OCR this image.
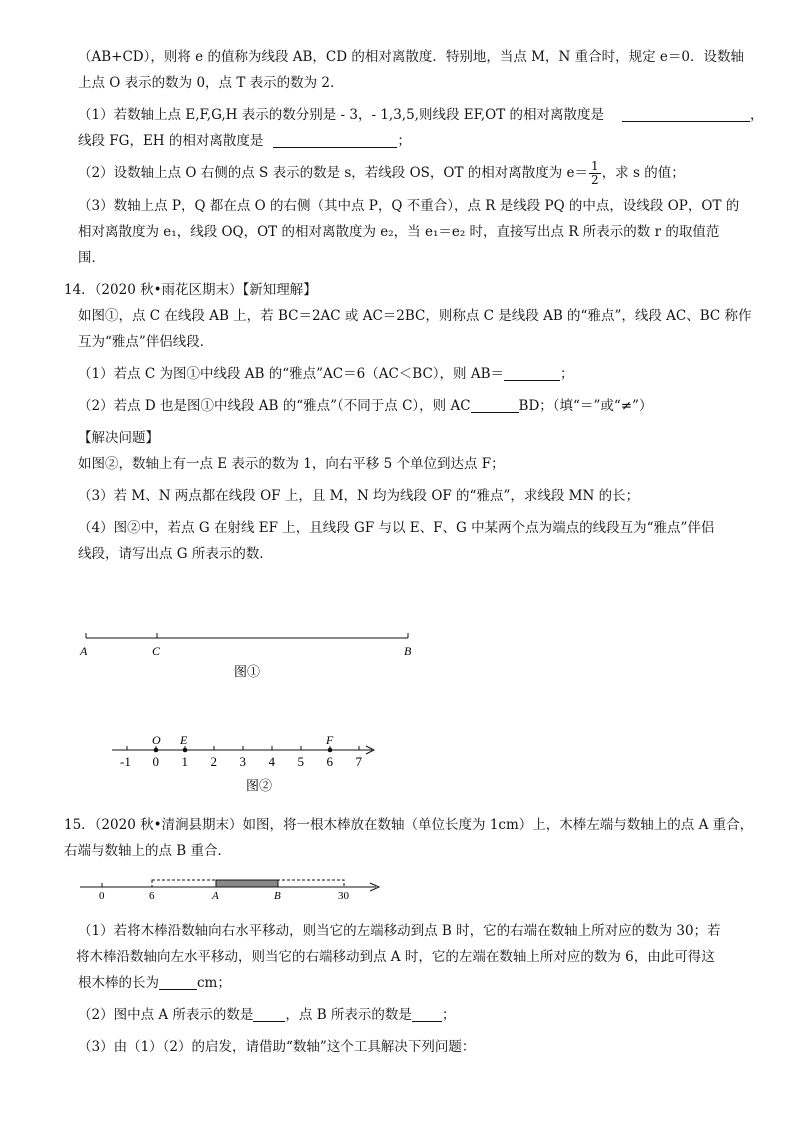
（AB+CD），则将 e 的值称为线段 AB，CD 的相对离散度．特别地，当点 M，N 重合时，规定 e＝0．设数轴

上点 O 表示的数为 0，点 T 表示的数为 2．

（1）若数轴上点 E,F,G,H 表示的数分别是 - 3，- 1,3,5,则线段 EF,OT 的相对离散度是	，

线段 FG，EH 的相对离散度是	；

（2）设数轴上点 O 右侧的点 S 表示的数是 s，若线段 OS，OT 的相对离散度为 $e= \frac{1}{2}$ ，求 s 的值；

（3）数轴上点 P，Q 都在点 O 的右侧（其中点 P，Q 不重合），点 R 是线段 PQ 的中点，设线段 OP，OT 的

相对离散度为 e₁，线段 OQ，OT 的相对离散度为 e₂，当 e₁＝e₂ 时，直接写出点 R 所表示的数 r 的取值范

围．

14．（2020 秋•雨花区期末）【新知理解】

如图①，点 C 在线段 AB 上，若 BC＝2AC 或 AC＝2BC，则称点 C 是线段 AB 的“雅点”，线段 AC、BC 称作

互为“雅点”伴侣线段．

（1）若点 C 为图①中线段 AB 的“雅点”AC＝6（AC＜BC），则 AB＝	；

（2）若点 D 也是图①中线段 AB 的“雅点”（不同于点 C），则 AC	BD；（填“＝”或“≠”）

【解决问题】

如图②，数轴上有一点 E 表示的数为 1，向右平移 5 个单位到达点 F；

（3）若 M、N 两点都在线段 OF 上，且 M，N 均为线段 OF 的“雅点”，求线段 MN 的长；

（4）图②中，若点 G 在射线 EF 上，且线段 GF 与以 E、F、G 中某两个点为端点的线段互为“雅点”伴侣

线段，请写出点 G 所表示的数．

A	C	B
图①
-1 0 1 2 3 4 5 6 7
O E	F
图②

15．（2020 秋•清涧县期末）如图，将一根木棒放在数轴（单位长度为 1cm）上，木棒左端与数轴上的点 A 重合，

右端与数轴上的点 B 重合．

0	6	A	B	30

（1）若将木棒沿数轴向右水平移动，则当它的左端移动到点 B 时，它的右端在数轴上所对应的数为 30；若

将木棒沿数轴向左水平移动，则当它的右端移动到点 A 时，它的左端在数轴上所对应的数为 6，由此可得这

根木棒的长为	cm；

（2）图中点 A 所表示的数是 ，点 B 所表示的数是 ；

（3）由（1）（2）的启发，请借助“数轴”这个工具解决下列问题：
